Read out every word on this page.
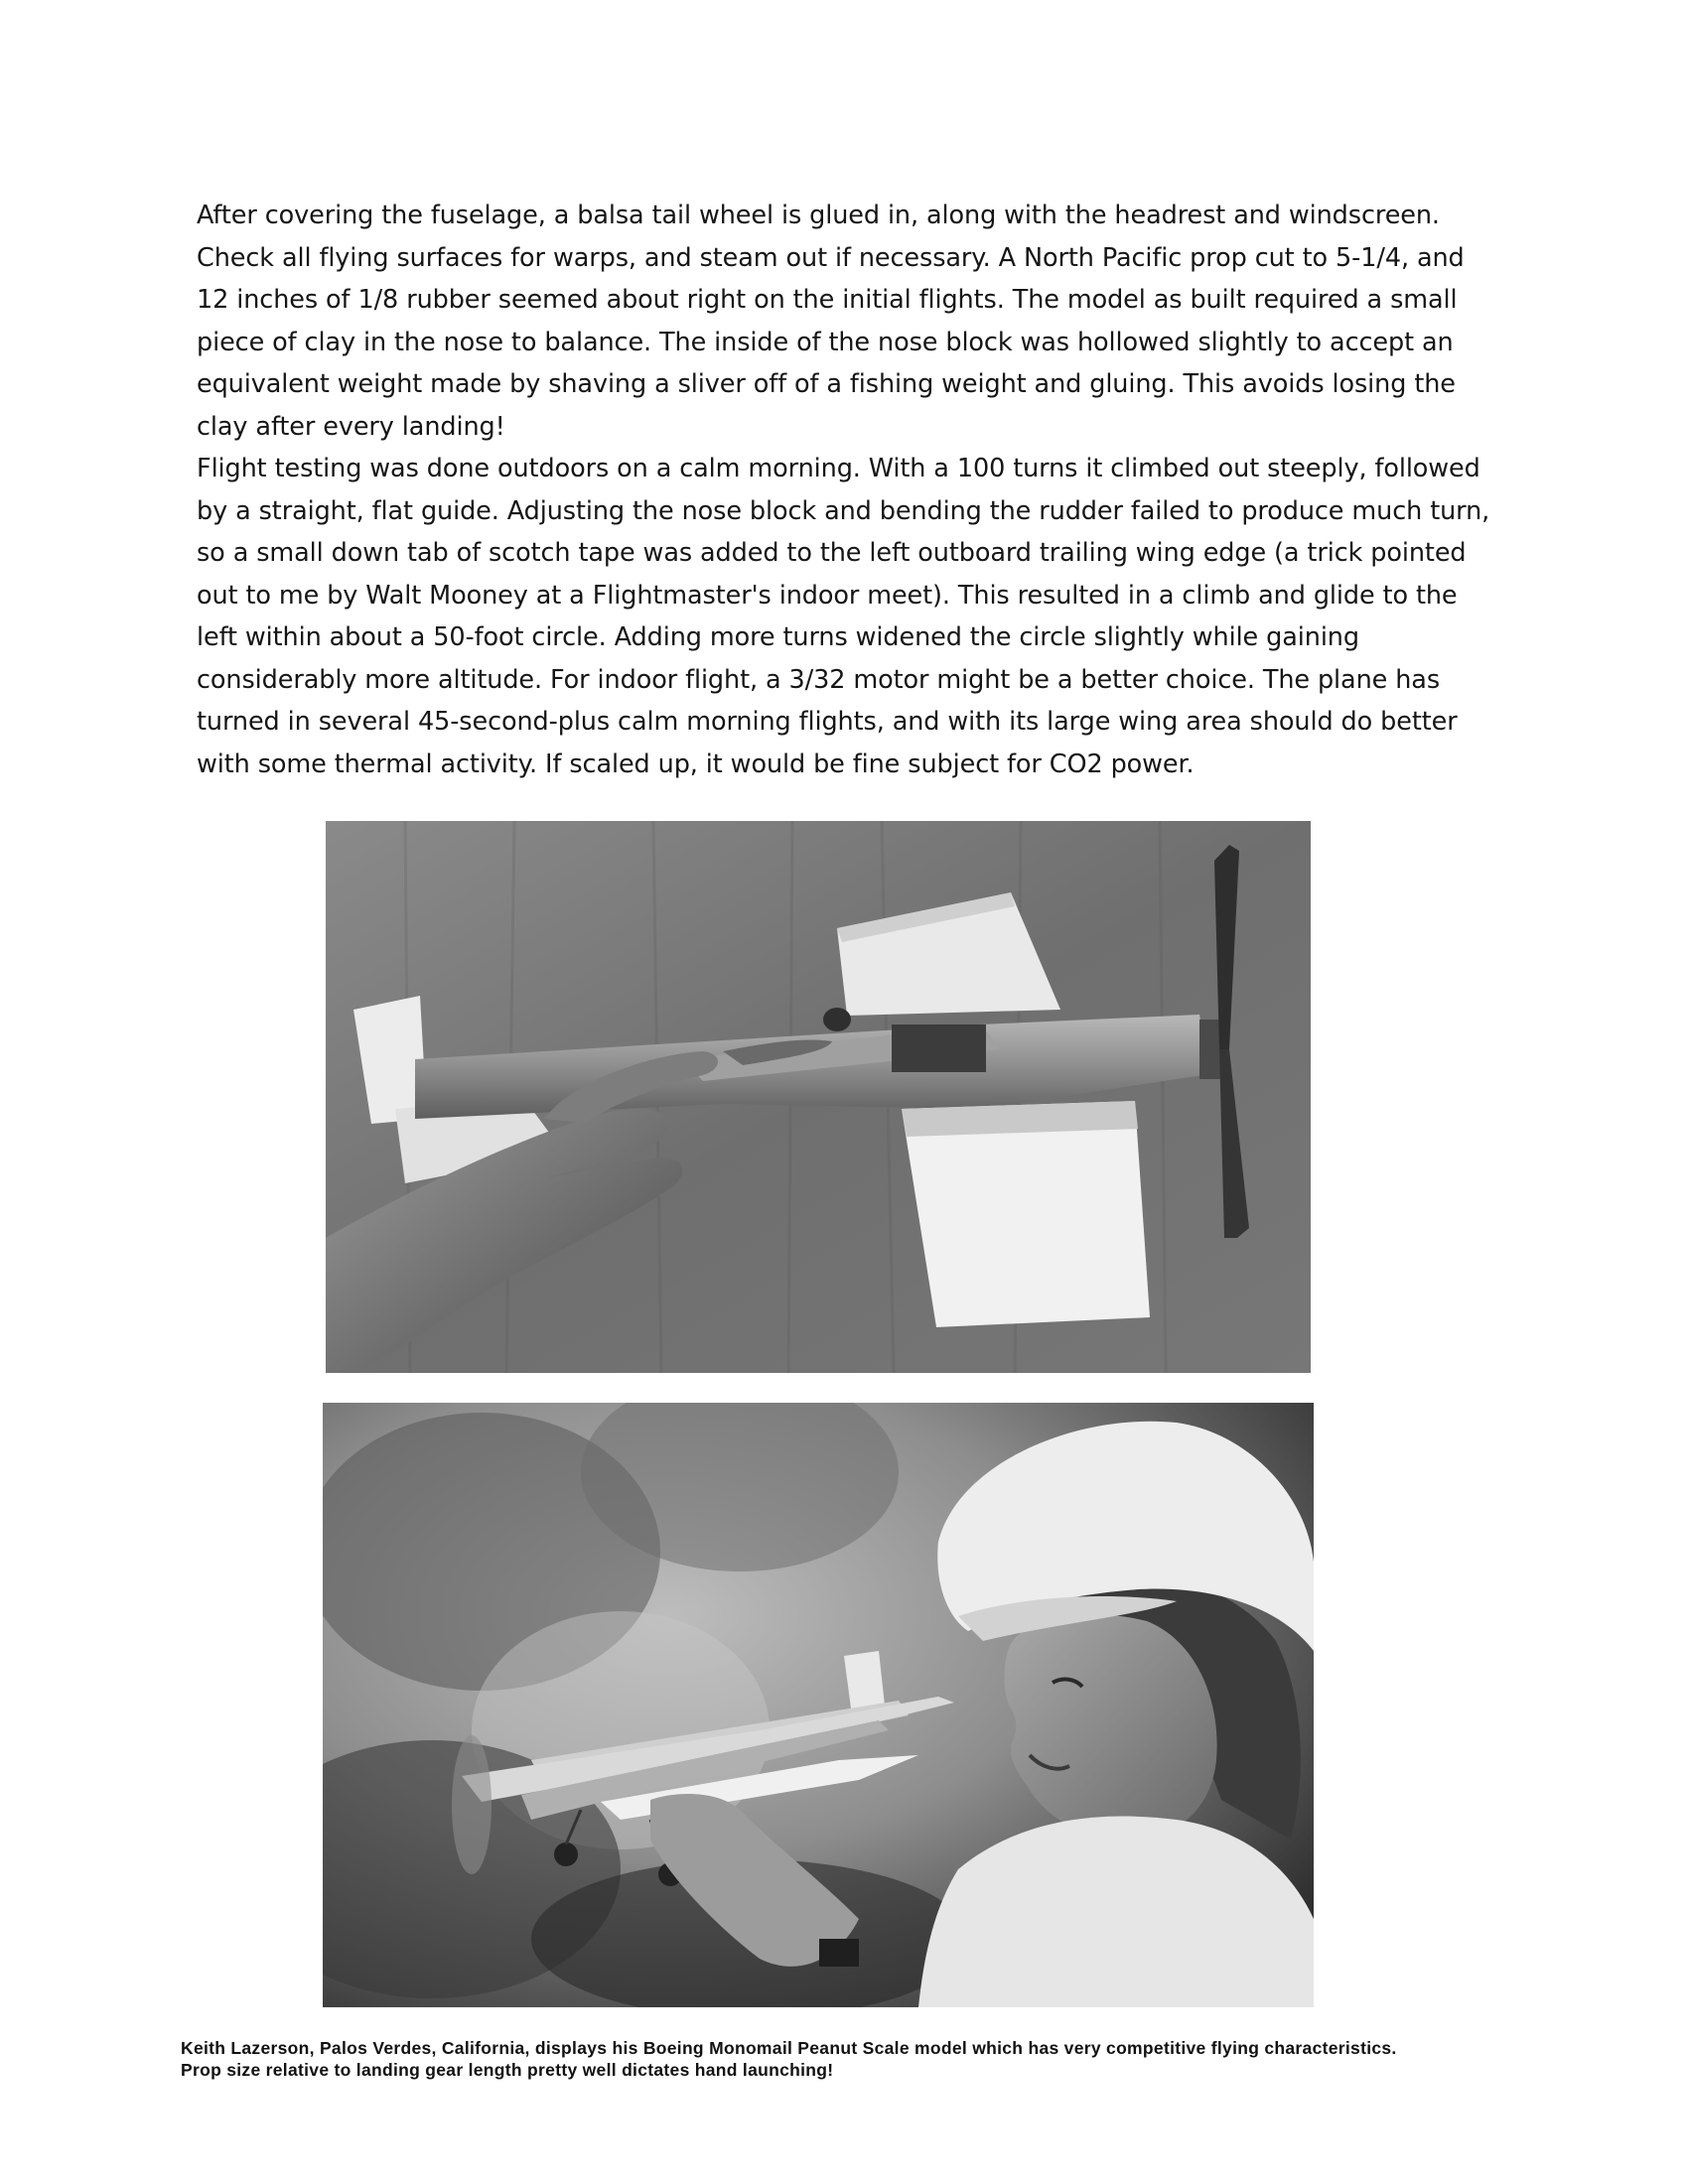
After covering the fuselage, a balsa tail wheel is glued in, along with the headrest and windscreen. Check all flying surfaces for warps, and steam out if necessary. A North Pacific prop cut to 5-1/4, and 12 inches of 1/8 rubber seemed about right on the initial flights. The model as built required a small piece of clay in the nose to balance. The inside of the nose block was hollowed slightly to accept an equivalent weight made by shaving a sliver off of a fishing weight and gluing. This avoids losing the clay after every landing!

Flight testing was done outdoors on a calm morning. With a 100 turns it climbed out steeply, followed by a straight, flat guide. Adjusting the nose block and bending the rudder failed to produce much turn, so a small down tab of scotch tape was added to the left outboard trailing wing edge (a trick pointed out to me by Walt Mooney at a Flightmaster's indoor meet). This resulted in a climb and glide to the left within about a 50-foot circle. Adding more turns widened the circle slightly while gaining considerably more altitude. For indoor flight, a 3/32 motor might be a better choice. The plane has turned in several 45-second-plus calm morning flights, and with its large wing area should do better with some thermal activity. If scaled up, it would be fine subject for CO2 power.

Keith Lazerson, Palos Verdes, California, displays his Boeing Monomail Peanut Scale model which has very competitive flying characteristics.

Prop size relative to landing gear length pretty well dictates hand launching!
